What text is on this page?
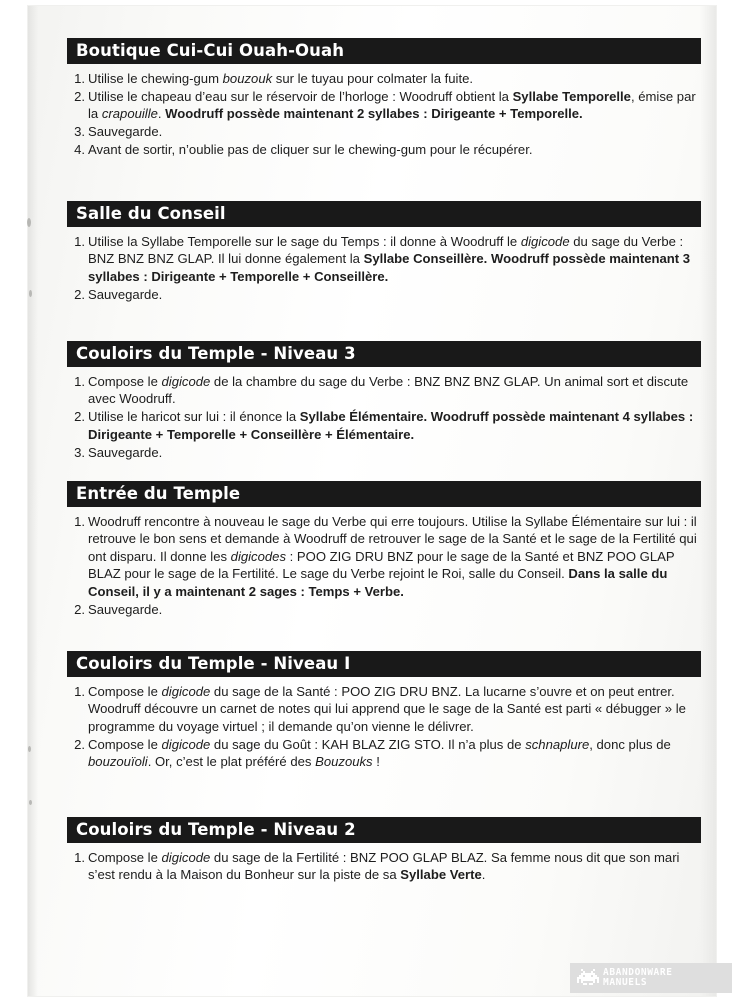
Boutique Cui-Cui Ouah-Ouah
1. Utilise le chewing-gum bouzouk sur le tuyau pour colmater la fuite.
2. Utilise le chapeau d’eau sur le réservoir de l’horloge : Woodruff obtient la Syllabe Temporelle, émise par la crapouille. Woodruff possède maintenant 2 syllabes : Dirigeante + Temporelle.
3. Sauvegarde.
4. Avant de sortir, n’oublie pas de cliquer sur le chewing-gum pour le récupérer.
Salle du Conseil
1. Utilise la Syllabe Temporelle sur le sage du Temps : il donne à Woodruff le digicode du sage du Verbe : BNZ BNZ BNZ GLAP. Il lui donne également la Syllabe Conseillère. Woodruff possède maintenant 3 syllabes : Dirigeante + Temporelle + Conseillère.
2. Sauvegarde.
Couloirs du Temple - Niveau 3
1. Compose le digicode de la chambre du sage du Verbe : BNZ BNZ BNZ GLAP. Un animal sort et discute avec Woodruff.
2. Utilise le haricot sur lui : il énonce la Syllabe Élémentaire. Woodruff possède maintenant 4 syllabes : Dirigeante + Temporelle + Conseillère + Élémentaire.
3. Sauvegarde.
Entrée du Temple
1. Woodruff rencontre à nouveau le sage du Verbe qui erre toujours. Utilise la Syllabe Élémentaire sur lui : il retrouve le bon sens et demande à Woodruff de retrouver le sage de la Santé et le sage de la Fertilité qui ont disparu. Il donne les digicodes : POO ZIG DRU BNZ pour le sage de la Santé et BNZ POO GLAP BLAZ pour le sage de la Fertilité. Le sage du Verbe rejoint le Roi, salle du Conseil. Dans la salle du Conseil, il y a maintenant 2 sages : Temps + Verbe.
2. Sauvegarde.
Couloirs du Temple - Niveau I
1. Compose le digicode du sage de la Santé : POO ZIG DRU BNZ. La lucarne s’ouvre et on peut entrer. Woodruff découvre un carnet de notes qui lui apprend que le sage de la Santé est parti « débugger » le programme du voyage virtuel ; il demande qu’on vienne le délivrer.
2. Compose le digicode du sage du Goût : KAH BLAZ ZIG STO. Il n’a plus de schnaplure, donc plus de bouzouïoli. Or, c’est le plat préféré des Bouzouks !
Couloirs du Temple - Niveau 2
1. Compose le digicode du sage de la Fertilité : BNZ POO GLAP BLAZ. Sa femme nous dit que son mari s’est rendu à la Maison du Bonheur sur la piste de sa Syllabe Verte.
ABANDONWARE
MANUELS
